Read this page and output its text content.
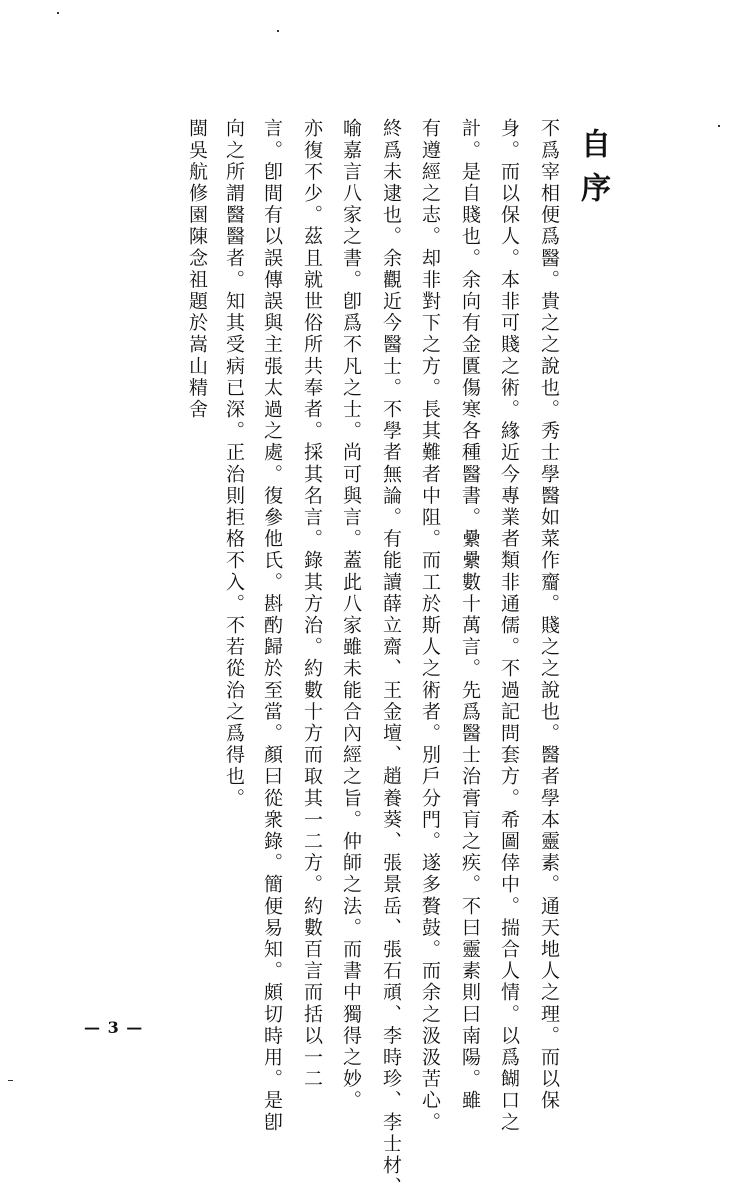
自序
不爲宰相便爲醫。貴之之說也。秀士學醫如菜作齏。賤之之說也。醫者學本靈素。通天地人之理。而以保
身。而以保人。本非可賤之術。緣近今專業者類非通儒。不過記問套方。希圖倖中。揣合人情。以爲餬口之
計。是自賤也。余向有金匱傷寒各種醫書。纍纍數十萬言。先爲醫士治膏肓之疾。不曰靈素則曰南陽。雖
有遵經之志。却非對下之方。長其難者中阻。而工於斯人之術者。別戶分門。遂多贅鼓。而余之汲汲苦心。
終爲未逮也。余觀近今醫士。不學者無論。有能讀薛立齋、王金壇、趙養葵、張景岳、張石頑、李時珍、李士材、
喻嘉言八家之書。卽爲不凡之士。尚可與言。蓋此八家雖未能合內經之旨。仲師之法。而書中獨得之妙。
亦復不少。茲且就世俗所共奉者。採其名言。錄其方治。約數十方而取其一二方。約數百言而括以一二
言。卽間有以誤傳誤與主張太過之處。復參他氏。斟酌歸於至當。顏曰從衆錄。簡便易知。頗切時用。是卽
向之所謂醫醫者。知其受病已深。正治則拒格不入。不若從治之爲得也。
閩吳航修園陳念祖題於嵩山精舍
— 3 —
